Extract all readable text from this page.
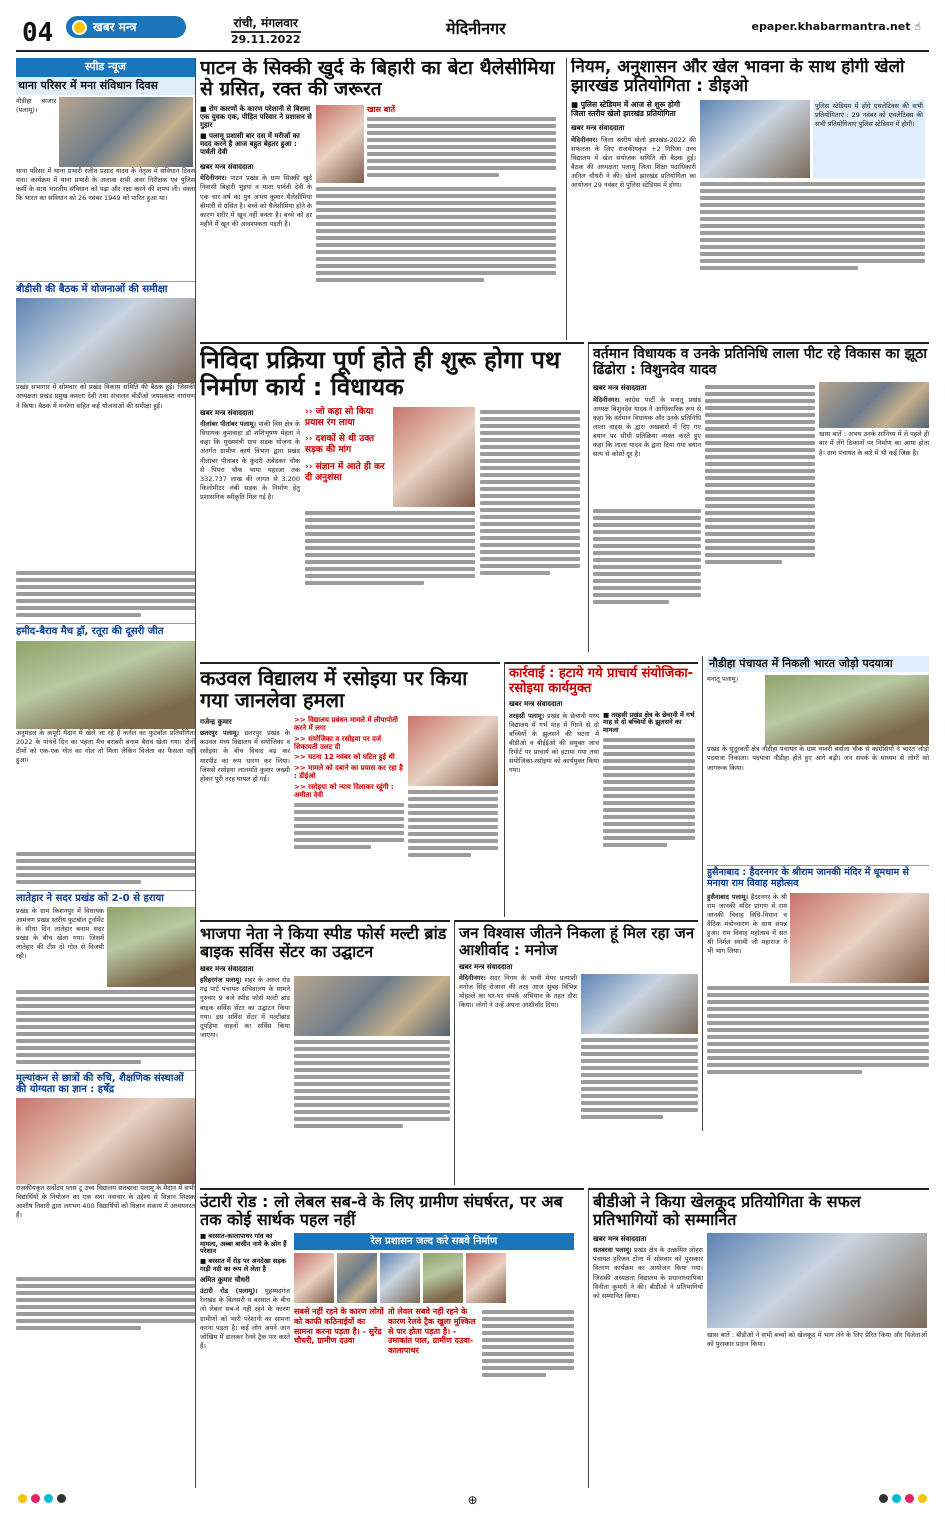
04	खबर मन्त्र	रांची, मंगलवार
29.11.2022
मेदिनीनगर	epaper.khabarmantra.net ☝
स्पीड न्यूज
थाना परिसर में मना संविधान दिवस
नौडीहा बाजार (पलामू)।
थाना परिसर में थाना प्रभारी रंजीत प्रसाद यादव के नेतृत्व में संविधान दिवस मना। कार्यक्रम में थाना प्रभारी के अलावा सभी अवर निरीक्षक एवं पुलिस कर्मी के साथ भारतीय संविधान को पढ़ा और रक्षा करने की शपथ ली। वक्ता कि भारत का संविधान को 26 नवंबर 1949 को पारित हुआ था।
बीडीसी की बैठक में योजनाओं की समीक्षा
प्रखंड सभागार में सोमवार को प्रखंड विकास समिति की बैठक हुई। जिसकी अध्यक्षता प्रखंड प्रमुख कमला देवी तथा संचालन बीडीओ जयप्रकाश नारायण ने किया। बैठक में मनरेगा सहित कई योजनाओं की समीक्षा हुई।
हमीद-बैराव मैच ड्रॉ, रतूरा की दूसरी जीत
अनुमंडल के कपूरी मैदान में खेले जा रहे हैं कर्नल का फुटबॉल प्रतियोगिता 2022 के पांचवें दिन का पहला मैच बराबरी बनाम बैराव खेला गया। दोनों टीमों को एक-एक गोल का गोल तो मिला लेकिन विजेता का फैसला नहीं हुआ।
लातेहार ने सदर प्रखंड को 2-0 से हराया
प्रखंड के ग्राम किशनपुर में विधायक आमंत्रण प्रखंड स्तरीय फुटबॉल टूर्नामेंट के सीधा दिन लातेहार बनाम सदर प्रखंड के बीच खेला गया। जिसमें लातेहार की टीम दो गोल से विजयी रही।
मूल्यांकन से छात्रों की रुचि, शैक्षणिक संस्थाओं की योग्यता का ज्ञान : हर्षेंद्र
राजकीयकृत सर्वोदय प्लस टू उच्च विद्यालय सतबरवा पलामू के मैदान में सभी विद्यार्थियों के नियोजन का एक सवा नवाचार के उद्देश्य से विज्ञान शिक्षक आशीष तिवारी द्वारा लगभग 400 विद्यार्थियों को विज्ञान संकाय में अध्ययनरत हैं।
पाटन के सिक्की खुर्द के बिहारी का बेटा थैलेसीमिया से ग्रसित, रक्त की जरूरत
■ रोग कारणों के कारण परेशानी से बिरामा एक युवक एक, पीड़ित परिवार ने प्रशासन से गुहार
■ पलामू प्रशासी बार दस में मरीजों का मदद करने है आज बहुत बेहतर हुआ : पार्वती देवी
खबर मन्त्र संवाददाता
मेदिनीनगर। पाटन प्रखंड के ग्राम सिक्की खुर्द निवासी बिहारी भुइयां व माता पार्वती देवी के एक चार वर्ष का पुत्र अभय कुमार थैलेसीमिया बीमारी से ग्रसित है। बच्चे को थैलेसीमिया होने के कारण शरीर में खून नहीं बनता है। बच्चे को हर महीने में खून की आवश्यकता पड़ती है।
खास बातें
नियम, अनुशासन और खेल भावना के साथ होगी खेलो झारखंड प्रतियोगिता : डीइओ
■ पुलिस स्टेडियम में आज से शुरू होगी जिला स्तरीय खेलो झारखंड प्रतियोगिता
खबर मन्त्र संवाददाता
मेदिनीनगर। जिला स्तरीय खेलो झारखंड-2022 की सफलता के लिए राजकीयकृत +2 गिरिजा उच्च विद्यालय में खेल संयोजक समिति की बैठक हुई। बैठक की अध्यक्षता पलामू जिला शिक्षा पदाधिकारी अनिल चौधरी ने की। खेलो झारखंड प्रतियोगिता का आयोजन 29 नवंबर से पुलिस स्टेडियम में होगा।
पुलिस स्टेडियम में होंगे एथलेटिक्स की सभी प्रतियोगिताएं : 29 नवंबर को एथलेटिक्स की सभी प्रतियोगिताएं पुलिस स्टेडियम में होगी।
निविदा प्रक्रिया पूर्ण होते ही शुरू होगा पथ निर्माण कार्य : विधायक
खबर मन्त्र संवाददाता
नीलांबर पीतांबर पलामू। पांकी विस क्षेत्र के विधायक कुशवाहा डॉ शशिभूषण मेहता ने कहा कि मुख्यमंत्री ग्राम सड़क योजना के अंतर्गत ग्रामीण कार्य विभाग द्वारा प्रखंड नीलांबर पीतांबर के कुंदरी अंबेडकर चौक से पिपरा चौक भाया महरजा तक 332.737 लाख की लागत से 3.200 किलोमीटर लंबी सड़क के निर्माण हेतु प्रशासनिक स्वीकृति मिल गई है।
›› जो कहा सो किया प्रयास रंग लाया
›› दशकों से थी उक्त सड़क की मांग
›› संज्ञान में आते ही कर दी अनुशंसा
वर्तमान विधायक व उनके प्रतिनिधि लाला पीट रहे विकास का झूठा ढिंढोरा : विशुनदेव यादव
खबर मन्त्र संवाददाता
मेदिनीनगर। कांग्रेस पार्टी के मनातू प्रखंड अध्यक्ष बिशुनदेव यादव ने आधिकारिक रूप से कहा कि वर्तमान विधायक और उनके प्रतिनिधि लाला वाइस के द्वारा अखबारों में दिए गए बयान पर सीधी प्रतिक्रिया व्यक्त करते हुए कहा कि लाला यादव के द्वारा दिया गया बयान सत्य से कोसों दूर है।
खास बातें : अभय उनके सानिध्य में ले पहले ही बार में लेंगे ठिकानों पर निर्माण का आया होता है। ग्राम पंचायत के बारे में भी कई जिक्र है।
कउवल विद्यालय में रसोइया पर किया गया जानलेवा हमला
गजेन्द्र कुमार
छतरपुर पलामू। छतरपुर प्रखंड के कउवल मध्य विद्यालय में संयोजिका व रसोइया के बीच विवाद बढ़ कर मारपीट का रूप धारण कर लिया। जिससे रसोइया लालमति कुमार जख्मी होकर पूरी तरह घायल हो गई।
>> विद्यालय प्रबंधन मामले में लीपापोती करने में लगा
>> संयोजिका व रसोइया पर दर्ज शिकायती उलट दी
>> घटना 12 नवंबर को घटित हुई थी
>> मामले को दबाने का प्रयास कर रहा है : डीईओ
>> रसोइया को न्याय दिलाकर रहूंगी : अमीता देवी
कार्रवाई : हटाये गये प्राचार्य संयोजिका-रसोइया कार्यमुक्त
खबर मन्त्र संवाददाता
तरहसी पलामू। प्रखंड के छेचानी मध्य विद्यालय में गर्भ माह में गिरने से दो बच्चियों के झुलसने की घटना में बीडीओ व बीईईओ की संयुक्त जांच रिपोर्ट पर प्राचार्य को हटाया गया तथा संयोजिका-रसोइया को कार्यमुक्त किया गया।
■ तरहसी प्रखंड क्षेत्र के छेचानी में गर्भ माह से दो बच्चियों के झुलसने का मामला
नौडीहा पंचायत में निकली भारत जोड़ो पदयात्रा
मनातू पलामू।
प्रखंड के सुदूरवर्ती क्षेत्र नौडीहा पंचायत के ग्राम चावरी बर्वाला चौक से कांग्रेसियों ने भारत जोड़ो पदयात्रा निकाला। पदयात्रा नौडीहा होते हुए आगे बढ़ी। जन संपर्क के माध्यम से लोगों को जागरूक किया।
हुसैनाबाद : हैदरनगर के श्रीराम जानकी मंदिर में धूमधाम से मनाया राम विवाह महोत्सव
हुसैनाबाद पलामू। हैदरनगर के श्री राम जानकी मंदिर प्रांगण में राम जानकी विवाह विधि-विधान व वैदिक मंत्रोच्चारण के साथ संपन्न हुआ। राम विवाह महोत्सव में संत श्री निर्मल स्वामी जी महाराज ने भी भाग लिया।
भाजपा नेता ने किया स्पीड फोर्स मल्टी ब्रांड बाइक सर्विस सेंटर का उद्घाटन
खबर मन्त्र संवाददाता
हरिहरगंज पलामू। शहर के अरुल रोड गढ़ पार्ट पंचायत सचिवालय के सामने गुरुवार 9 बजे स्पीड फोर्स मल्टी ब्रांड बाइक सर्विस सेंटर का उद्घाटन किया गया। इस सर्विस सेंटर में मल्टीब्रांड दुपहिया वाहनों का सर्विस किया जाएगा।
जन विश्वास जीतने निकला हूं मिल रहा जन आशीर्वाद : मनोज
खबर मन्त्र संवाददाता
मेदिनीनगर। सदर निगम के भावी मेयर प्रत्याशी मनोज सिंह रोजाना की तरह आज सुबह विभिन्न मोहल्ले का घर-घर संपर्क अभियान के तहत दौरा किया। लोगों ने उन्हें अपना आशीर्वाद दिया।
उंटारी रोड : लो लेबल सब-वे के लिए ग्रामीण संघर्षरत, पर अब तक कोई सार्थक पहल नहीं
■ बरसात-कालापाथर गांव का मामला, अब्बा बासीन नाये के लोग हैं परेशान
■ बरसात में रोड़ पर अनदेखा सड़क गाड़ी नदी का रूप ले लेता है
अमित कुमार चौधरी
उंटारी रोड (पलामू)। मुहम्मदगंज रेलखंड के बिलसरी व बरसात के बीच लो लेबल सब-वे नहीं रहने के कारण ग्रामीणों को भारी परेशानी का सामना करना पड़ता है। कई लोग अपने जान जोखिम में डालकर रेलवे ट्रैक पार करते हैं।
रेल प्रशासन जल्द करे सबवे निर्माण
सबसे नहीं रहने के कारण लोगों को काफी कठिनाईयों का सामना करना पड़ता है। - सुरेंद्र चौधरी, ग्रामीण दउवा
तो लेवल सबवे नहीं रहने के कारण रेलवे ट्रैक खुला मुश्किल से पार होता पड़ता है। - उमाकांत पाल, ग्रामीण दउवा-कालापाथर
बीडीओ ने किया खेलकूद प्रतियोगिता के सफल प्रतिभागियों को सम्मानित
खबर मन्त्र संवाददाता
सतबरवा पलामू। प्रखंड क्षेत्र के उत्क्रमित लोहरा पंचायत हरिजन टोला में सोमवार को पुरस्कार वितरण कार्यक्रम का आयोजन किया गया। जिसकी अध्यक्षता विद्यालय के प्रधानाध्यापिका विनीता कुमारी ने की। बीडीओ ने प्रतिभागियों को सम्मानित किया।
खास बातें : बीडीओ ने सभी बच्चों को खेलकूद में भाग लेने के लिए प्रेरित किया और विजेताओं को पुरस्कार प्रदान किया।
⊕
